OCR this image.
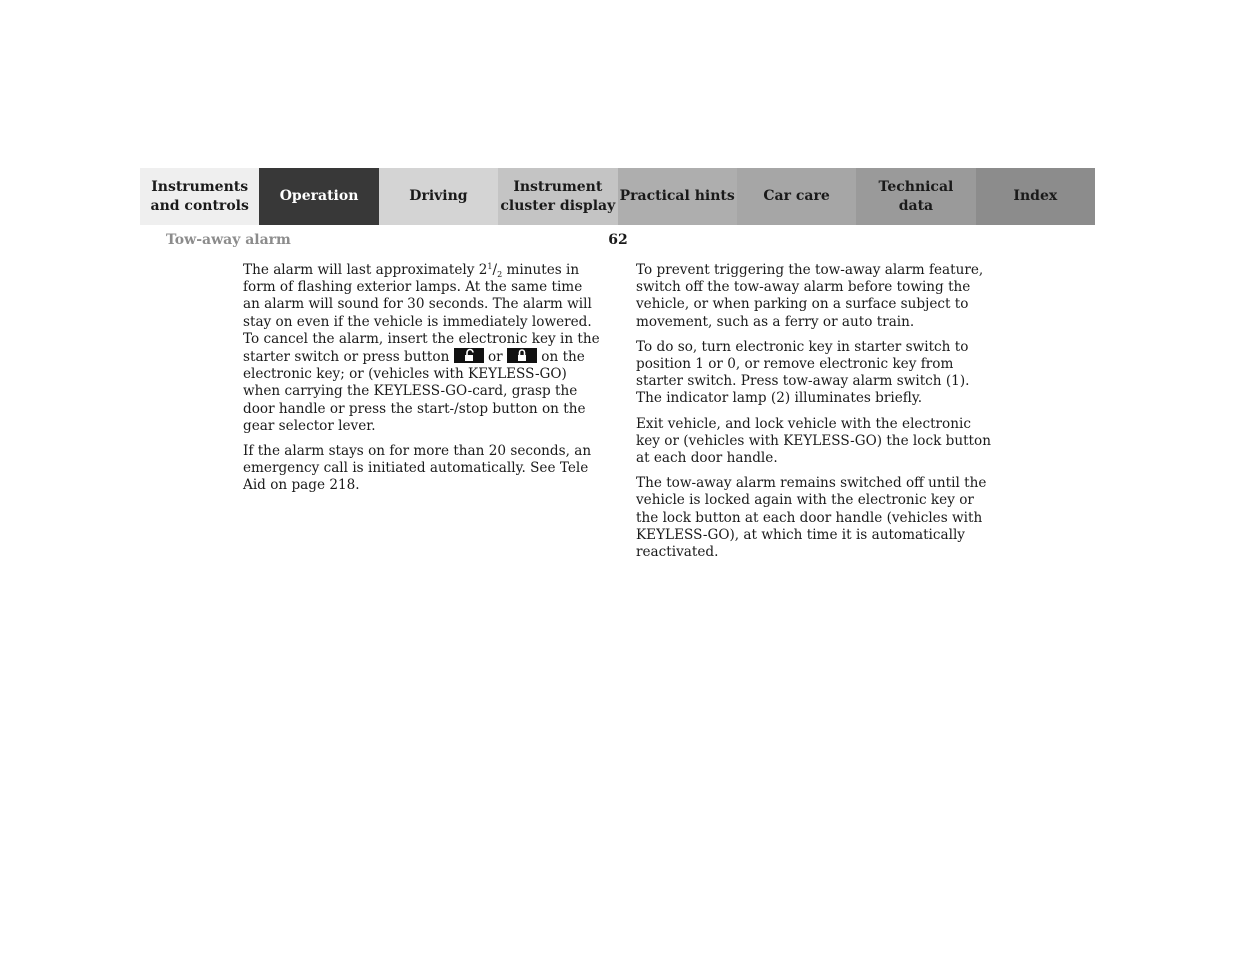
Instruments
and controls
Operation	Driving
Instrument
cluster display
Practical hints	Car care
Technical
data
Index
Tow-away alarm	62

The alarm will last approximately $2^1/_2$ minutes in form of flashing exterior lamps. At the same time an alarm will sound for 30 seconds. The alarm will stay on even if the vehicle is immediately lowered. To cancel the alarm, insert the electronic key in the starter switch or press button
or
on the electronic key; or (vehicles with KEYLESS-GO) when carrying the KEYLESS-GO-card, grasp the door handle or press the start-/stop button on the gear selector lever.

If the alarm stays on for more than 20 seconds, an emergency call is initiated automatically. See Tele Aid on page 218.

To prevent triggering the tow-away alarm feature, switch off the tow-away alarm before towing the vehicle, or when parking on a surface subject to movement, such as a ferry or auto train.

To do so, turn electronic key in starter switch to position 1 or 0, or remove electronic key from starter switch. Press tow-away alarm switch (1). The indicator lamp (2) illuminates briefly.

Exit vehicle, and lock vehicle with the electronic key or (vehicles with KEYLESS-GO) the lock button at each door handle.

The tow-away alarm remains switched off until the vehicle is locked again with the electronic key or the lock button at each door handle (vehicles with KEYLESS-GO), at which time it is automatically reactivated.
